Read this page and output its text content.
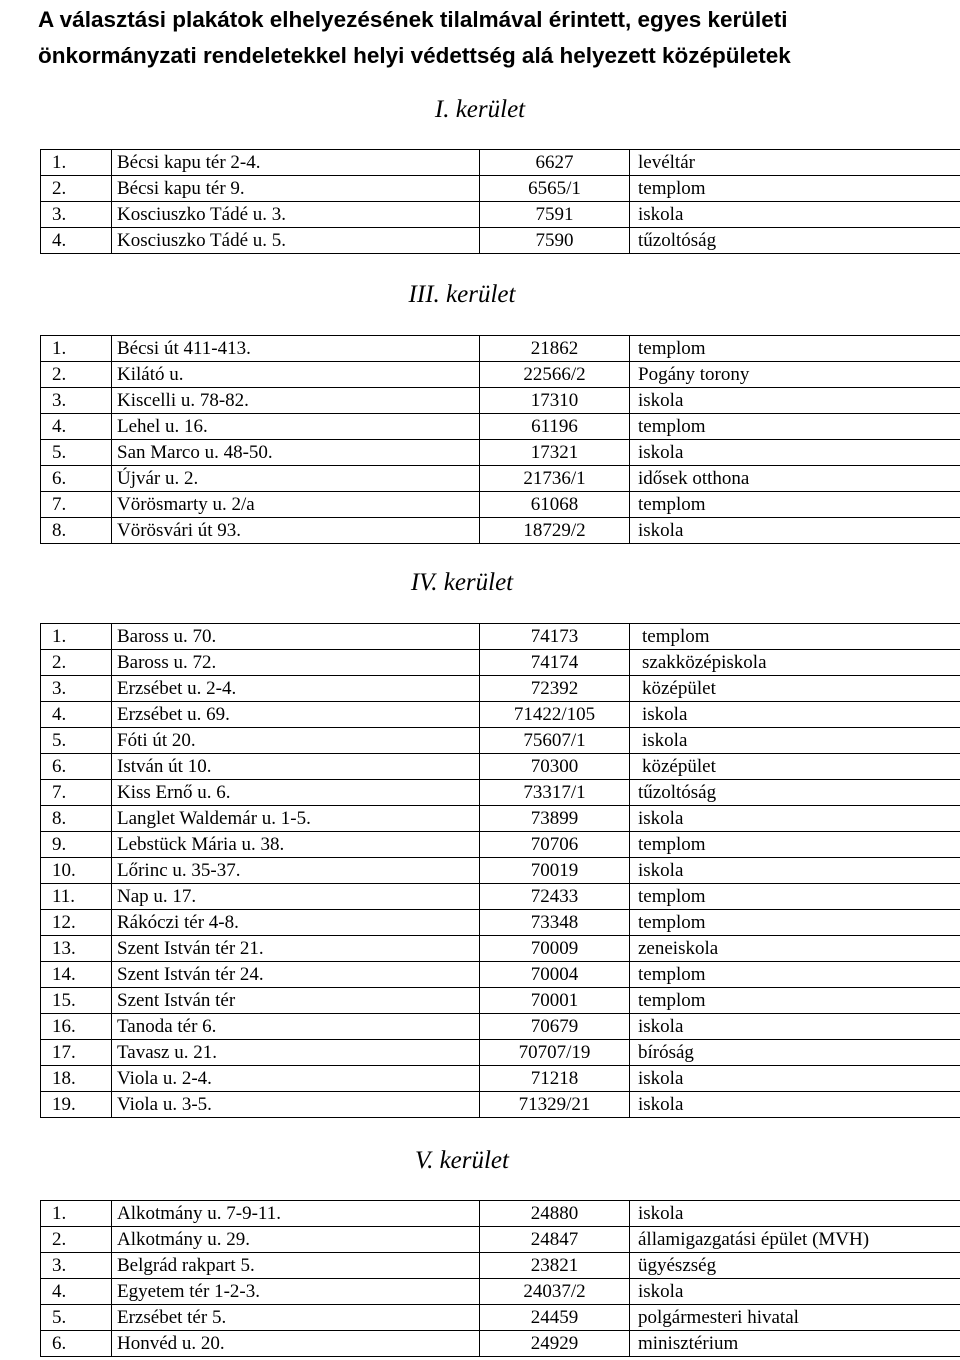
A választási plakátok elhelyezésének tilalmával érintett, egyes kerületi
önkormányzati rendeletekkel helyi védettség alá helyezett középületek
I. kerület
1.	Bécsi kapu tér 2-4.	6627	levéltár
2.	Bécsi kapu tér 9.	6565/1	templom
3.	Kosciuszko Tádé u. 3.	7591	iskola
4.	Kosciuszko Tádé u. 5.	7590	tűzoltóság
III. kerület
1.	Bécsi út 411-413.	21862	templom
2.	Kilátó u.	22566/2	Pogány torony
3.	Kiscelli u. 78-82.	17310	iskola
4.	Lehel u. 16.	61196	templom
5.	San Marco u. 48-50.	17321	iskola
6.	Újvár u. 2.	21736/1	idősek otthona
7.	Vörösmarty u. 2/a	61068	templom
8.	Vörösvári út 93.	18729/2	iskola
IV. kerület
1.	Baross u. 70.	74173	templom
2.	Baross u. 72.	74174	szakközépiskola
3.	Erzsébet u. 2-4.	72392	középület
4.	Erzsébet u. 69.	71422/105	iskola
5.	Fóti út 20.	75607/1	iskola
6.	István út 10.	70300	középület
7.	Kiss Ernő u. 6.	73317/1	tűzoltóság
8.	Langlet Waldemár u. 1-5.	73899	iskola
9.	Lebstück Mária u. 38.	70706	templom
10.	Lőrinc u. 35-37.	70019	iskola
11.	Nap u. 17.	72433	templom
12.	Rákóczi tér 4-8.	73348	templom
13.	Szent István tér 21.	70009	zeneiskola
14.	Szent István tér 24.	70004	templom
15.	Szent István tér	70001	templom
16.	Tanoda tér 6.	70679	iskola
17.	Tavasz u. 21.	70707/19	bíróság
18.	Viola u. 2-4.	71218	iskola
19.	Viola u. 3-5.	71329/21	iskola
V. kerület
1.	Alkotmány u. 7-9-11.	24880	iskola
2.	Alkotmány u. 29.	24847	államigazgatási épület (MVH)
3.	Belgrád rakpart 5.	23821	ügyészség
4.	Egyetem tér 1-2-3.	24037/2	iskola
5.	Erzsébet tér 5.	24459	polgármesteri hivatal
6.	Honvéd u. 20.	24929	minisztérium
